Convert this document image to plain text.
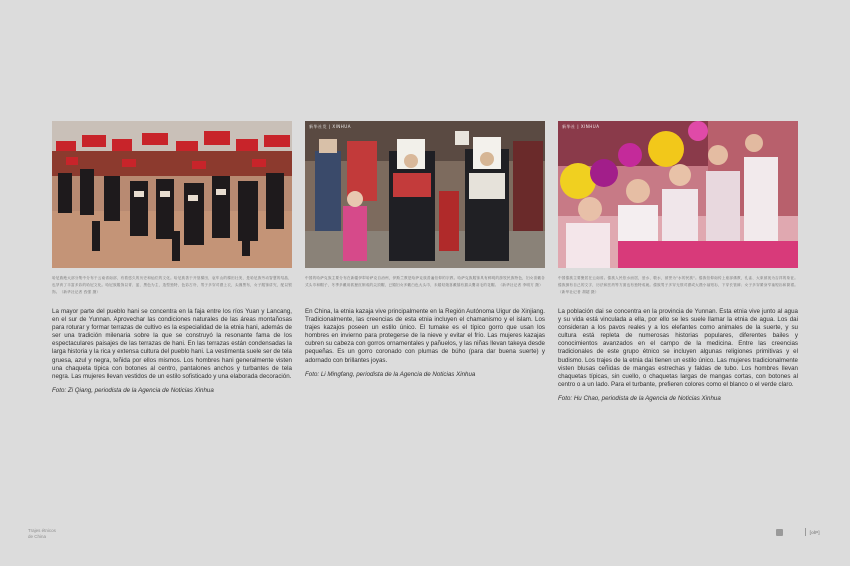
哈尼族绝大部分集中分布于云南省南部，有着悠久的历史和灿烂的文化。哈尼族善于开垦梯田，哀牢山的梯田壮美，是哈尼族劳动智慧的结晶，也孕育了丰富多彩的哈尼文化。哈尼族服饰以青、蓝、黑色为主，造型独特，色彩古朴，男子多穿对襟上衣，头缠黑布，女子服饰讲究，配以银饰。（新华社记者 孜强 摄）
La mayor parte del pueblo hani se concentra en la faja entre los ríos Yuan y Lancang, en el sur de Yunnan. Aprovechar las condiciones naturales de las áreas montañosas para roturar y formar terrazas de cultivo es la especialidad de la etnia hani, además de ser una tradición milenaria sobre la que se construyó la resonante fama de los espectaculares paisajes de las terrazas de hani. En las terrazas están condensadas la larga historia y la rica y extensa cultura del pueblo hani. La vestimenta suele ser de tela gruesa, azul y negra, teñida por ellos mismos. Los hombres hani generalmente visten una chaqueta típica con botones al centro, pantalones anchos y turbantes de tela negra. Las mujeres llevan vestidos de un estilo sofisticado y una elaborada decoración.
Foto: Zi Qiang, periodista de la Agencia de Noticias Xinhua
新华社发 | XINHUA
中国的哈萨克族主要分布在新疆伊犁哈萨克自治州，伊斯兰教是哈萨克族普遍信仰的宗教。哈萨克族服饰具有鲜明的游牧民族特色，妇女喜戴各式头巾和帽子，冬季多戴用狐狸皮制成的尖顶帽，已婚妇女多戴白色大头巾，未婚姑娘喜戴插有猫头鹰羽毛的花帽。（新华社记者 李明方 摄）
En China, la etnia kazaja vive principalmente en la Región Autónoma Uigur de Xinjiang. Tradicionalmente, las creencias de esta etnia incluyen el chamanismo y el islam. Los trajes kazajos poseen un estilo único. El tumake es el típico gorro que usan los hombres en invierno para protegerse de la nieve y evitar el frío. Las mujeres kazajas cubren su cabeza con gorros ornamentales y pañuelos, y las niñas llevan takeya desde pequeñas. Es un gorro coronado con plumas de búho (para dar buena suerte) y adornado con brillantes joyas.
Foto: Li Mingfang, periodista de la Agencia de Noticias Xinhua
新华社 | XINHUA
中国傣族主要聚居在云南省。傣族人民依水而居，爱水、敬水，被誉为"水的民族"。傣族信仰南传上座部佛教，孔雀、大象被视为吉祥的象征。傣族拥有自己的文字，历法和医药等方面也有独特成就。傣族男子多穿无领对襟或大襟小袖短衫，下穿长管裤；女子多穿紧身窄袖短衫和筒裙。（新华社记者 胡超 摄）
La población dai se concentra en la provincia de Yunnan. Esta etnia vive junto al agua y su vida está vinculada a ella, por ello se les suele llamar la etnia de agua. Los dai consideran a los pavos reales y a los elefantes como animales de la suerte, y su cultura está repleta de numerosas historias populares, diferentes bailes y conocimientos avanzados en el campo de la medicina. Entre las creencias tradicionales de este grupo étnico se incluyen algunas religiones primitivas y el budismo. Los trajes de la etnia dai tienen un estilo único. Las mujeres tradicionalmente visten blusas ceñidas de mangas estrechas y faldas de tubo. Los hombres llevan chaquetas típicas, sin cuello, o chaquetas largas de mangas cortas, con botones al centro o a un lado. Para el turbante, prefieren colores como el blanco o el verde claro.
Foto: Hu Chao, periodista de la Agencia de Noticias Xinhua
Trajes étnicos
de China
[olP]
